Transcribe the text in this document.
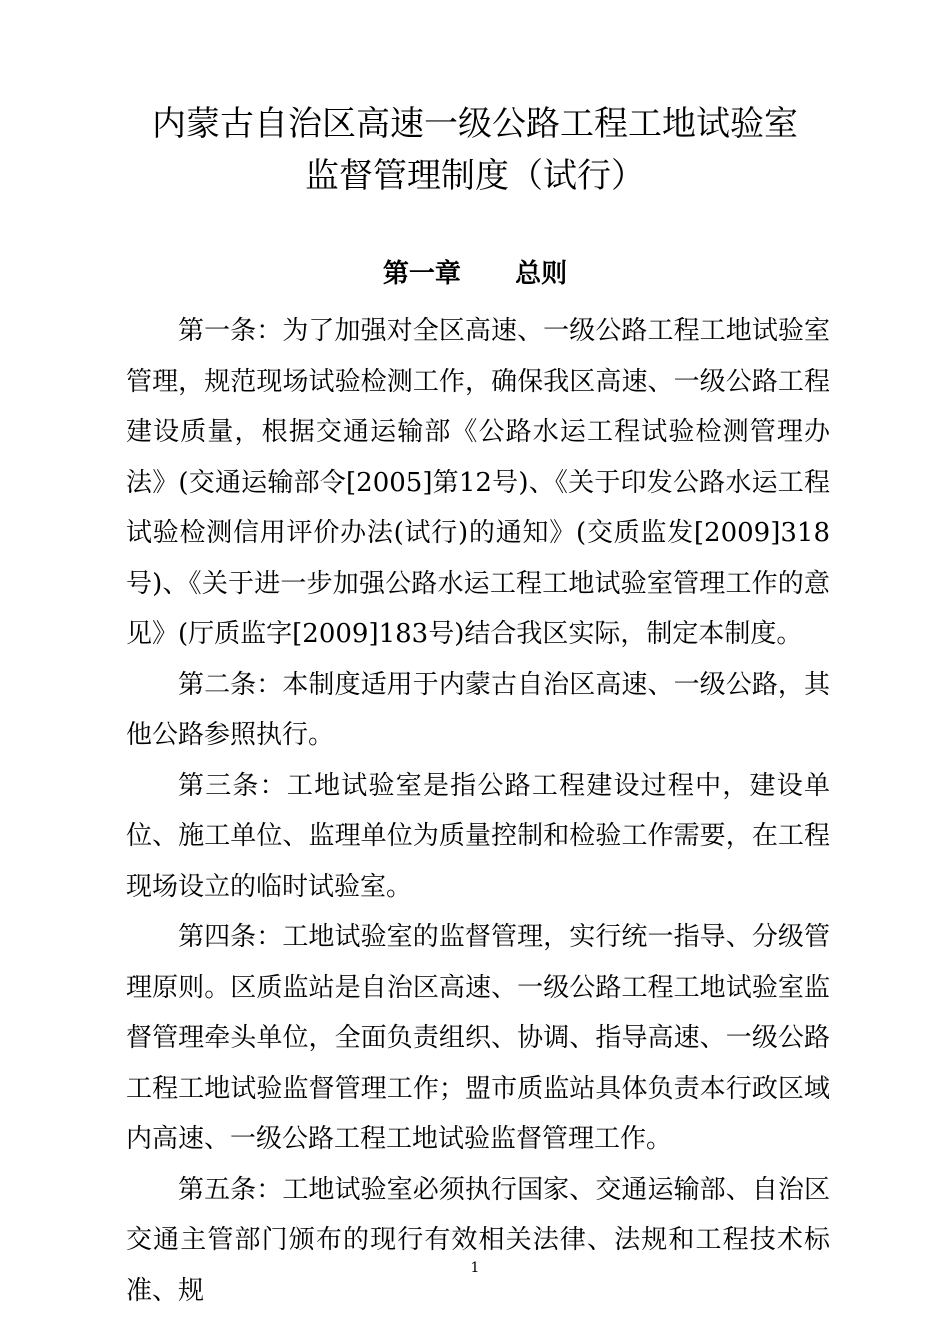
内蒙古自治区高速一级公路工程工地试验室
监督管理制度（试行）
第一章      总则

第一条：为了加强对全区高速、一级公路工程工地试验室管理，规范现场试验检测工作，确保我区高速、一级公路工程建设质量，根据交通运输部《公路水运工程试验检测管理办法》(交通运输部令[2005]第12号)、《关于印发公路水运工程试验检测信用评价办法(试行)的通知》(交质监发[2009]318号)、《关于进一步加强公路水运工程工地试验室管理工作的意见》(厅质监字[2009]183号)结合我区实际，制定本制度。

第二条：本制度适用于内蒙古自治区高速、一级公路，其他公路参照执行。

第三条：工地试验室是指公路工程建设过程中，建设单位、施工单位、监理单位为质量控制和检验工作需要，在工程现场设立的临时试验室。

第四条：工地试验室的监督管理，实行统一指导、分级管理原则。区质监站是自治区高速、一级公路工程工地试验室监督管理牵头单位，全面负责组织、协调、指导高速、一级公路工程工地试验监督管理工作；盟市质监站具体负责本行政区域内高速、一级公路工程工地试验监督管理工作。

第五条：工地试验室必须执行国家、交通运输部、自治区交通主管部门颁布的现行有效相关法律、法规和工程技术标准、规

1
